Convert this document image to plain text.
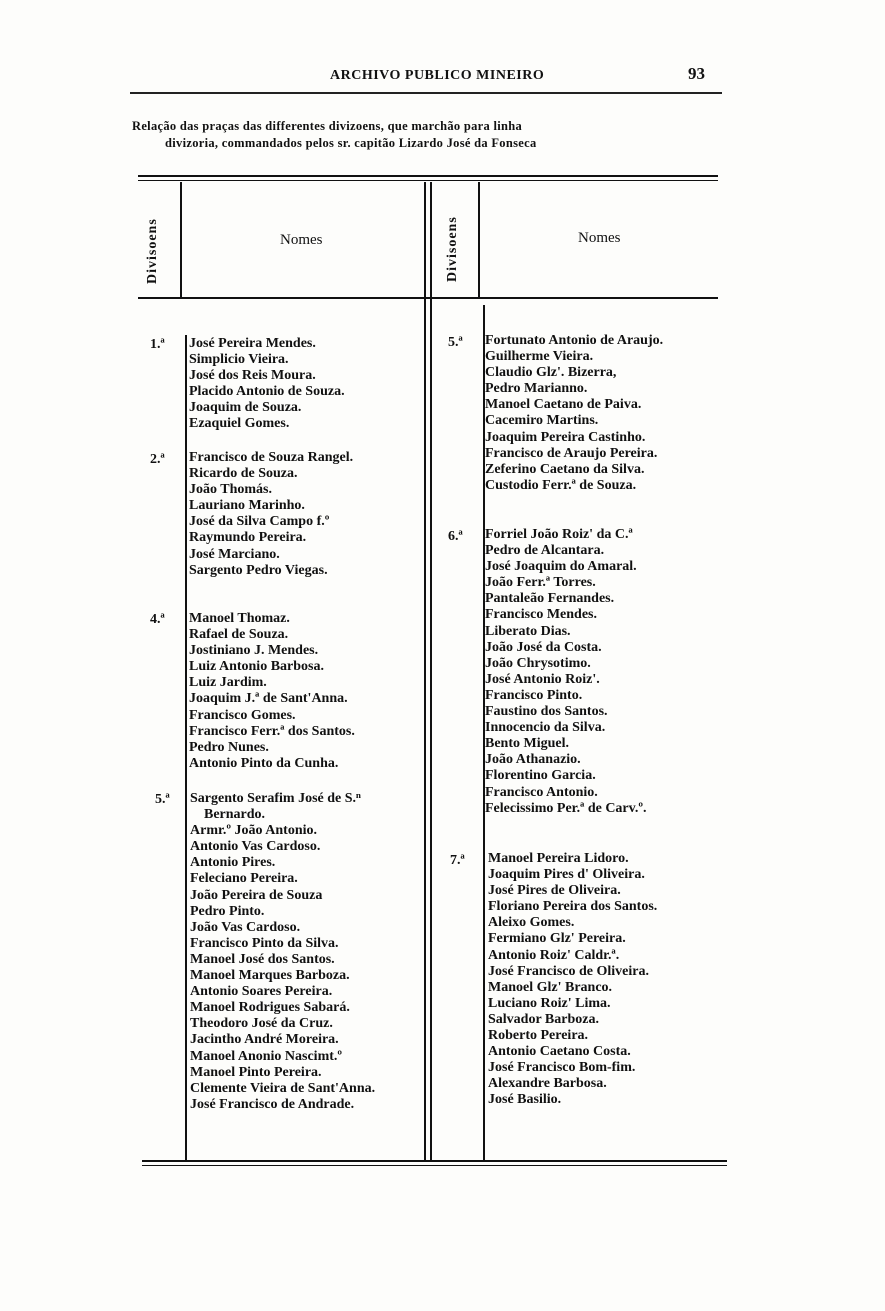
ARCHIVO PUBLICO MINEIRO	93
Relação das praças das differentes divizoens, que marchão para linha
divizoria, commandados pelos sr. capitão Lizardo José da Fonseca
Divisoens	Nomes	Divisoens	Nomes
1.ª José Pereira Mendes.
Simplicio Vieira.
José dos Reis Moura.
Placido Antonio de Souza.
Joaquim de Souza.
Ezaquiel Gomes.
2.ª Francisco de Souza Rangel.
Ricardo de Souza.
João Thomás.
Lauriano Marinho.
José da Silva Campo f.º
Raymundo Pereira.
José Marciano.
Sargento Pedro Viegas.
4.ª Manoel Thomaz.
Rafael de Souza.
Jostiniano J. Mendes.
Luiz Antonio Barbosa.
Luiz Jardim.
Joaquim J.ª de Sant'Anna.
Francisco Gomes.
Francisco Ferr.ª dos Santos.
Pedro Nunes.
Antonio Pinto da Cunha.
5.ª Sargento Serafim José de S.ⁿ
Bernardo.
Armr.º João Antonio.
Antonio Vas Cardoso.
Antonio Pires.
Feleciano Pereira.
João Pereira de Souza
Pedro Pinto.
João Vas Cardoso.
Francisco Pinto da Silva.
Manoel José dos Santos.
Manoel Marques Barboza.
Antonio Soares Pereira.
Manoel Rodrigues Sabará.
Theodoro José da Cruz.
Jacintho André Moreira.
Manoel Anonio Nascimt.º
Manoel Pinto Pereira.
Clemente Vieira de Sant'Anna.
José Francisco de Andrade.
5.ª Fortunato Antonio de Araujo.
Guilherme Vieira.
Claudio Glz'. Bizerra,
Pedro Marianno.
Manoel Caetano de Paiva.
Cacemiro Martins.
Joaquim Pereira Castinho.
Francisco de Araujo Pereira.
Zeferino Caetano da Silva.
Custodio Ferr.ª de Souza.
6.ª Forriel João Roiz' da C.ª
Pedro de Alcantara.
José Joaquim do Amaral.
João Ferr.ª Torres.
Pantaleão Fernandes.
Francisco Mendes.
Liberato Dias.
João José da Costa.
João Chrysotimo.
José Antonio Roiz'.
Francisco Pinto.
Faustino dos Santos.
Innocencio da Silva.
Bento Miguel.
João Athanazio.
Florentino Garcia.
Francisco Antonio.
Felecissimo Per.ª de Carv.º.
7.ª Manoel Pereira Lidoro.
Joaquim Pires d' Oliveira.
José Pires de Oliveira.
Floriano Pereira dos Santos.
Aleixo Gomes.
Fermiano Glz' Pereira.
Antonio Roiz' Caldr.ª.
José Francisco de Oliveira.
Manoel Glz' Branco.
Luciano Roiz' Lima.
Salvador Barboza.
Roberto Pereira.
Antonio Caetano Costa.
José Francisco Bom-fim.
Alexandre Barbosa.
José Basilio.
